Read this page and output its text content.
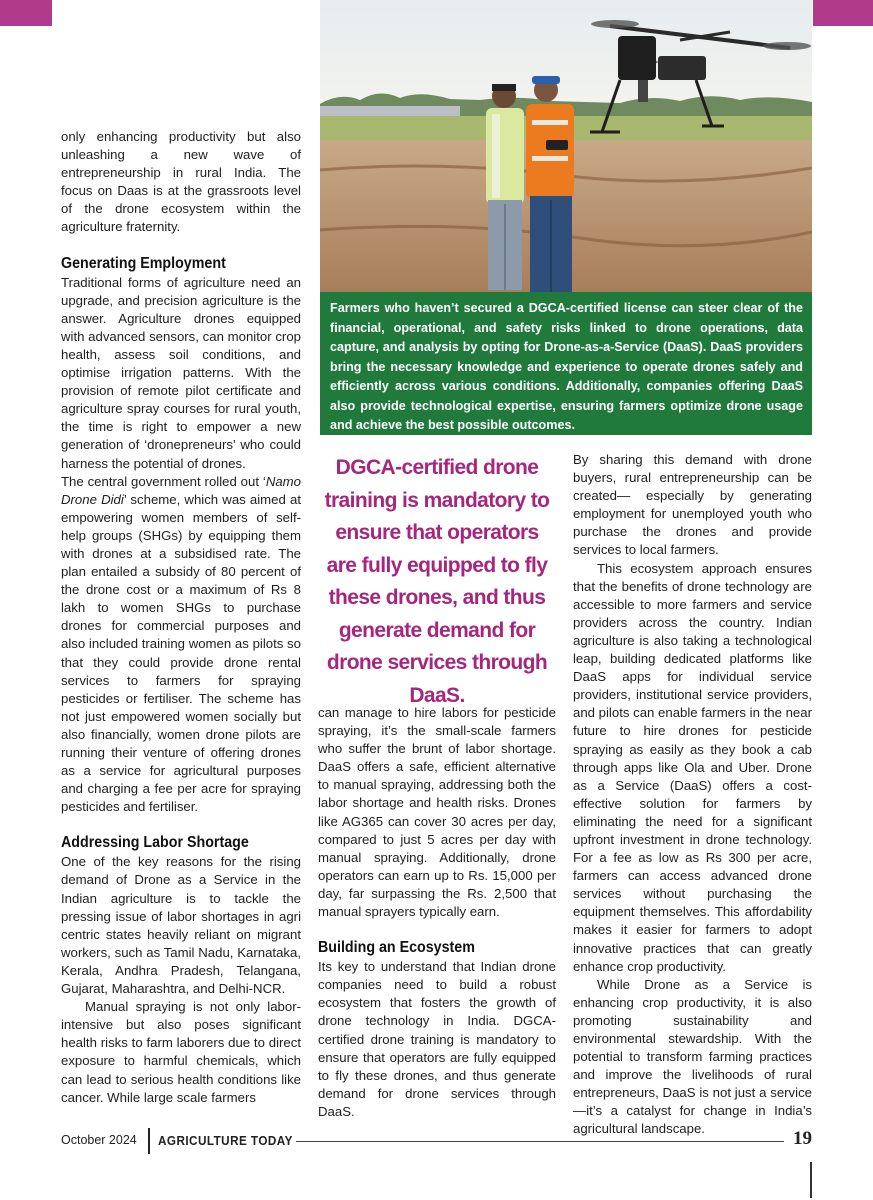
Farmers who haven’t secured a DGCA-certified license can steer clear of the financial, operational, and safety risks linked to drone operations, data capture, and analysis by opting for Drone-as-a-Service (DaaS). DaaS providers bring the necessary knowledge and experience to operate drones safely and efficiently across various conditions. Additionally, companies offering DaaS also provide technological expertise, ensuring farmers optimize drone usage and achieve the best possible outcomes.
DGCA-certified drone training is mandatory to ensure that operators are fully equipped to fly these drones, and thus generate demand for drone services through DaaS.

only enhancing productivity but also unleashing a new wave of entrepreneurship in rural India. The focus on Daas is at the grassroots level of the drone ecosystem within the agriculture fraternity.

Generating Employment

Traditional forms of agriculture need an upgrade, and precision agriculture is the answer. Agriculture drones equipped with advanced sensors, can monitor crop health, assess soil conditions, and optimise irrigation patterns. With the provision of remote pilot certificate and agriculture spray courses for rural youth, the time is right to empower a new generation of ‘dronepreneurs’ who could harness the potential of drones.

The central government rolled out ‘Namo Drone Didi’ scheme, which was aimed at empowering women members of self-help groups (SHGs) by equipping them with drones at a subsidised rate. The plan entailed a subsidy of 80 percent of the drone cost or a maximum of Rs 8 lakh to women SHGs to purchase drones for commercial purposes and also included training women as pilots so that they could provide drone rental services to farmers for spraying pesticides or fertiliser. The scheme has not just empowered women socially but also financially, women drone pilots are running their venture of offering drones as a service for agricultural purposes and charging a fee per acre for spraying pesticides and fertiliser.

Addressing Labor Shortage

One of the key reasons for the rising demand of Drone as a Service in the Indian agriculture is to tackle the pressing issue of labor shortages in agri centric states heavily reliant on migrant workers, such as Tamil Nadu, Karnataka, Kerala, Andhra Pradesh, Telangana, Gujarat, Maharashtra, and Delhi-NCR.

Manual spraying is not only labor-intensive but also poses significant health risks to farm laborers due to direct exposure to harmful chemicals, which can lead to serious health conditions like cancer. While large scale farmers

can manage to hire labors for pesticide spraying, it’s the small-scale farmers who suffer the brunt of labor shortage. DaaS offers a safe, efficient alternative to manual spraying, addressing both the labor shortage and health risks. Drones like AG365 can cover 30 acres per day, compared to just 5 acres per day with manual spraying. Additionally, drone operators can earn up to Rs. 15,000 per day, far surpassing the Rs. 2,500 that manual sprayers typically earn.

Building an Ecosystem

Its key to understand that Indian drone companies need to build a robust ecosystem that fosters the growth of drone technology in India. DGCA-certified drone training is mandatory to ensure that operators are fully equipped to fly these drones, and thus generate demand for drone services through DaaS.

By sharing this demand with drone buyers, rural entrepreneurship can be created— especially by generating employment for unemployed youth who purchase the drones and provide services to local farmers.

This ecosystem approach ensures that the benefits of drone technology are accessible to more farmers and service providers across the country. Indian agriculture is also taking a technological leap, building dedicated platforms like DaaS apps for individual service providers, institutional service providers, and pilots can enable farmers in the near future to hire drones for pesticide spraying as easily as they book a cab through apps like Ola and Uber. Drone as a Service (DaaS) offers a cost-effective solution for farmers by eliminating the need for a significant upfront investment in drone technology. For a fee as low as Rs 300 per acre, farmers can access advanced drone services without purchasing the equipment themselves. This affordability makes it easier for farmers to adopt innovative practices that can greatly enhance crop productivity.

While Drone as a Service is enhancing crop productivity, it is also promoting sustainability and environmental stewardship. With the potential to transform farming practices and improve the livelihoods of rural entrepreneurs, DaaS is not just a service—it’s a catalyst for change in India’s agricultural landscape.

October 2024 AGRICULTURE TODAY	19
